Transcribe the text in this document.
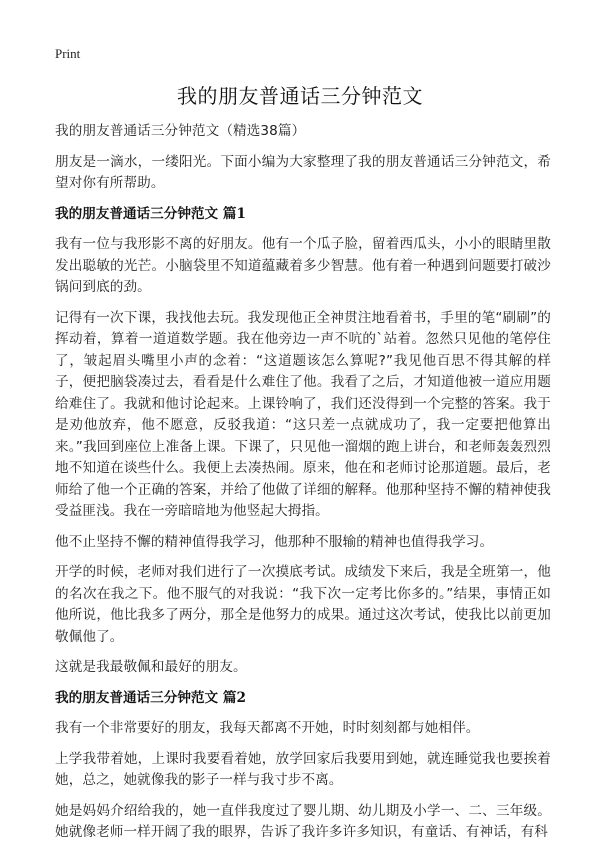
Print
我的朋友普通话三分钟范文

我的朋友普通话三分钟范文（精选38篇）

朋友是一滴水，一缕阳光。下面小编为大家整理了我的朋友普通话三分钟范文，希望对你有所帮助。

我的朋友普通话三分钟范文 篇1

我有一位与我形影不离的好朋友。他有一个瓜子脸，留着西瓜头，小小的眼睛里散发出聪敏的光芒。小脑袋里不知道蕴藏着多少智慧。他有着一种遇到问题要打破沙锅问到底的劲。

记得有一次下课，我找他去玩。我发现他正全神贯注地看着书，手里的笔“刷刷”的挥动着，算着一道道数学题。我在他旁边一声不吭的`站着。忽然只见他的笔停住了，皱起眉头嘴里小声的念着：“这道题该怎么算呢?”我见他百思不得其解的样子，便把脑袋凑过去，看看是什么难住了他。我看了之后，才知道他被一道应用题给难住了。我就和他讨论起来。上课铃响了，我们还没得到一个完整的答案。我于是劝他放弃，他不愿意，反驳我道：“这只差一点就成功了，我一定要把他算出来。”我回到座位上准备上课。下课了，只见他一溜烟的跑上讲台，和老师轰轰烈烈地不知道在谈些什么。我便上去凑热闹。原来，他在和老师讨论那道题。最后，老师给了他一个正确的答案，并给了他做了详细的解释。他那种坚持不懈的精神使我受益匪浅。我在一旁暗暗地为他竖起大拇指。

他不止坚持不懈的精神值得我学习，他那种不服输的精神也值得我学习。

开学的时候，老师对我们进行了一次摸底考试。成绩发下来后，我是全班第一，他的名次在我之下。他不服气的对我说：“我下次一定考比你多的。”结果，事情正如他所说，他比我多了两分，那全是他努力的成果。通过这次考试，使我比以前更加敬佩他了。

这就是我最敬佩和最好的朋友。

我的朋友普通话三分钟范文 篇2

我有一个非常要好的朋友，我每天都离不开她，时时刻刻都与她相伴。

上学我带着她，上课时我要看着她，放学回家后我要用到她，就连睡觉我也要挨着她，总之，她就像我的影子一样与我寸步不离。

她是妈妈介绍给我的，她一直伴我度过了婴儿期、幼儿期及小学一、二、三年级。她就像老师一样开阔了我的眼界，告诉了我许多许多知识，有童话、有神话，有科
